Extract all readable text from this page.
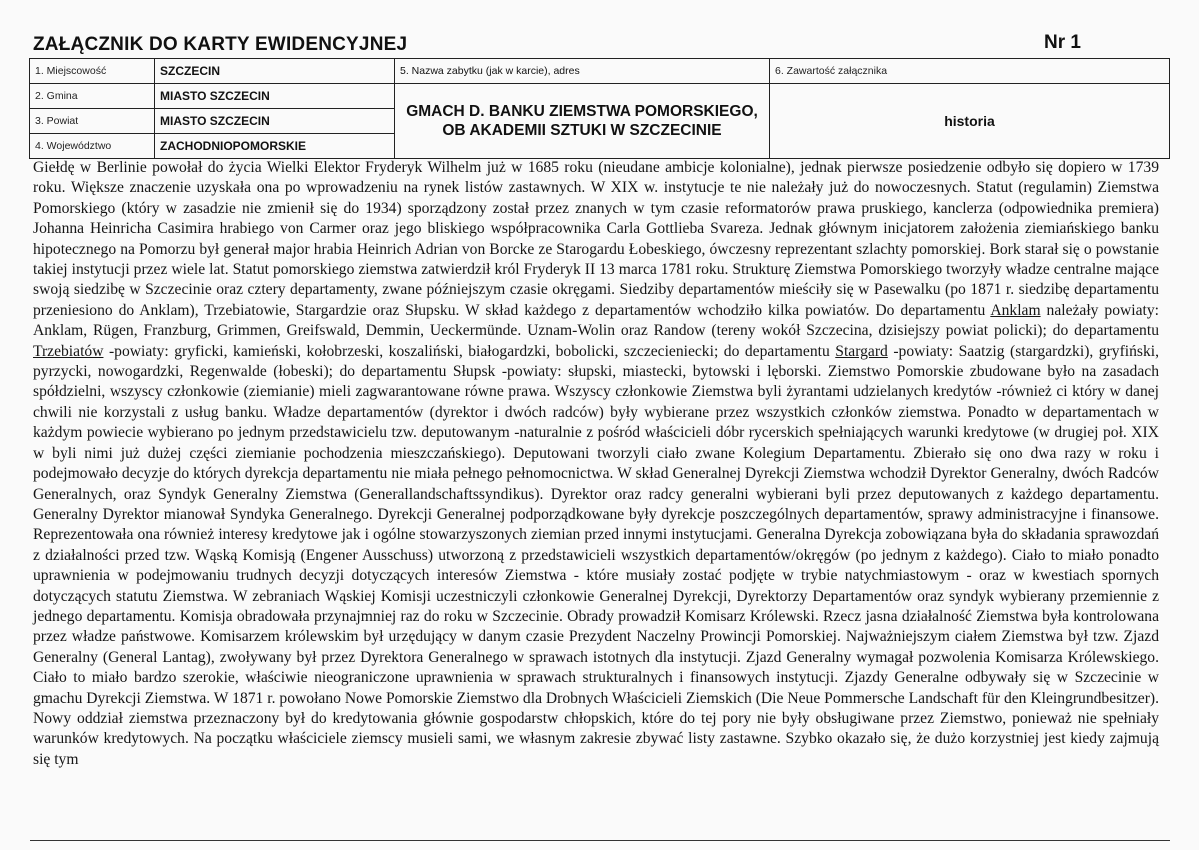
ZAŁĄCZNIK DO KARTY EWIDENCYJNEJ	Nr 1
1. Miejscowość	SZCZECIN	5. Nazwa zabytku (jak w karcie), adres	6. Zawartość załącznika
2. Gmina	MIASTO SZCZECIN	GMACH D. BANKU ZIEMSTWA POMORSKIEGO, OB AKADEMII SZTUKI W SZCZECINIE	historia
3. Powiat	MIASTO SZCZECIN		
4. Województwo	ZACHODNIOPOMORSKIE		

Giełdę w Berlinie powołał do życia Wielki Elektor Fryderyk Wilhelm już w 1685 roku (nieudane ambicje kolonialne), jednak pierwsze posiedzenie odbyło się dopiero w 1739 roku. Większe znaczenie uzyskała ona po wprowadzeniu na rynek listów zastawnych. W XIX w. instytucje te nie należały już do nowoczesnych. Statut (regulamin) Ziemstwa Pomorskiego (który w zasadzie nie zmienił się do 1934) sporządzony został przez znanych w tym czasie reformatorów prawa pruskiego, kanclerza (odpowiednika premiera) Johanna Heinricha Casimira hrabiego von Carmer oraz jego bliskiego współpracownika Carla Gottlieba Svareza. Jednak głównym inicjatorem założenia ziemiańskiego banku hipotecznego na Pomorzu był generał major hrabia Heinrich Adrian von Borcke ze Starogardu Łobeskiego, ówczesny reprezentant szlachty pomorskiej. Bork starał się o powstanie takiej instytucji przez wiele lat. Statut pomorskiego ziemstwa zatwierdził król Fryderyk II 13 marca 1781 roku. Strukturę Ziemstwa Pomorskiego tworzyły władze centralne mające swoją siedzibę w Szczecinie oraz cztery departamenty, zwane późniejszym czasie okręgami. Siedziby departamentów mieściły się w Pasewalku (po 1871 r. siedzibę departamentu przeniesiono do Anklam), Trzebiatowie, Stargardzie oraz Słupsku. W skład każdego z departamentów wchodziło kilka powiatów. Do departamentu Anklam należały powiaty: Anklam, Rügen, Franzburg, Grimmen, Greifswald, Demmin, Ueckermünde. Uznam-Wolin oraz Randow (tereny wokół Szczecina, dzisiejszy powiat policki); do departamentu Trzebiatów -powiaty: gryficki, kamieński, kołobrzeski, koszaliński, białogardzki, bobolicki, szczecieniecki; do departamentu Stargard -powiaty: Saatzig (stargardzki), gryfiński, pyrzycki, nowogardzki, Regenwalde (łobeski); do departamentu Słupsk -powiaty: słupski, miastecki, bytowski i lęborski. Ziemstwo Pomorskie zbudowane było na zasadach spółdzielni, wszyscy członkowie (ziemianie) mieli zagwarantowane równe prawa. Wszyscy członkowie Ziemstwa byli żyrantami udzielanych kredytów -również ci który w danej chwili nie korzystali z usług banku. Władze departamentów (dyrektor i dwóch radców) były wybierane przez wszystkich członków ziemstwa. Ponadto w departamentach w każdym powiecie wybierano po jednym przedstawicielu tzw. deputowanym -naturalnie z pośród właścicieli dóbr rycerskich spełniających warunki kredytowe (w drugiej poł. XIX w byli nimi już dużej części ziemianie pochodzenia mieszczańskiego). Deputowani tworzyli ciało zwane Kolegium Departamentu. Zbierało się ono dwa razy w roku i podejmowało decyzje do których dyrekcja departamentu nie miała pełnego pełnomocnictwa. W skład Generalnej Dyrekcji Ziemstwa wchodził Dyrektor Generalny, dwóch Radców Generalnych, oraz Syndyk Generalny Ziemstwa (Generallandschaftssyndikus). Dyrektor oraz radcy generalni wybierani byli przez deputowanych z każdego departamentu. Generalny Dyrektor mianował Syndyka Generalnego. Dyrekcji Generalnej podporządkowane były dyrekcje poszczególnych departamentów, sprawy administracyjne i finansowe. Reprezentowała ona również interesy kredytowe jak i ogólne stowarzyszonych ziemian przed innymi instytucjami. Generalna Dyrekcja zobowiązana była do składania sprawozdań z działalności przed tzw. Wąską Komisją (Engener Ausschuss) utworzoną z przedstawicieli wszystkich departamentów/okręgów (po jednym z każdego). Ciało to miało ponadto uprawnienia w podejmowaniu trudnych decyzji dotyczących interesów Ziemstwa - które musiały zostać podjęte w trybie natychmiastowym - oraz w kwestiach spornych dotyczących statutu Ziemstwa. W zebraniach Wąskiej Komisji uczestniczyli członkowie Generalnej Dyrekcji, Dyrektorzy Departamentów oraz syndyk wybierany przemiennie z jednego departamentu. Komisja obradowała przynajmniej raz do roku w Szczecinie. Obrady prowadził Komisarz Królewski. Rzecz jasna działalność Ziemstwa była kontrolowana przez władze państwowe. Komisarzem królewskim był urzędujący w danym czasie Prezydent Naczelny Prowincji Pomorskiej. Najważniejszym ciałem Ziemstwa był tzw. Zjazd Generalny (General Lantag), zwoływany był przez Dyrektora Generalnego w sprawach istotnych dla instytucji. Zjazd Generalny wymagał pozwolenia Komisarza Królewskiego. Ciało to miało bardzo szerokie, właściwie nieograniczone uprawnienia w sprawach strukturalnych i finansowych instytucji. Zjazdy Generalne odbywały się w Szczecinie w gmachu Dyrekcji Ziemstwa. W 1871 r. powołano Nowe Pomorskie Ziemstwo dla Drobnych Właścicieli Ziemskich (Die Neue Pommersche Landschaft für den Kleingrundbesitzer). Nowy oddział ziemstwa przeznaczony był do kredytowania głównie gospodarstw chłopskich, które do tej pory nie były obsługiwane przez Ziemstwo, ponieważ nie spełniały warunków kredytowych. Na początku właściciele ziemscy musieli sami, we własnym zakresie zbywać listy zastawne. Szybko okazało się, że dużo korzystniej jest kiedy zajmują się tym
